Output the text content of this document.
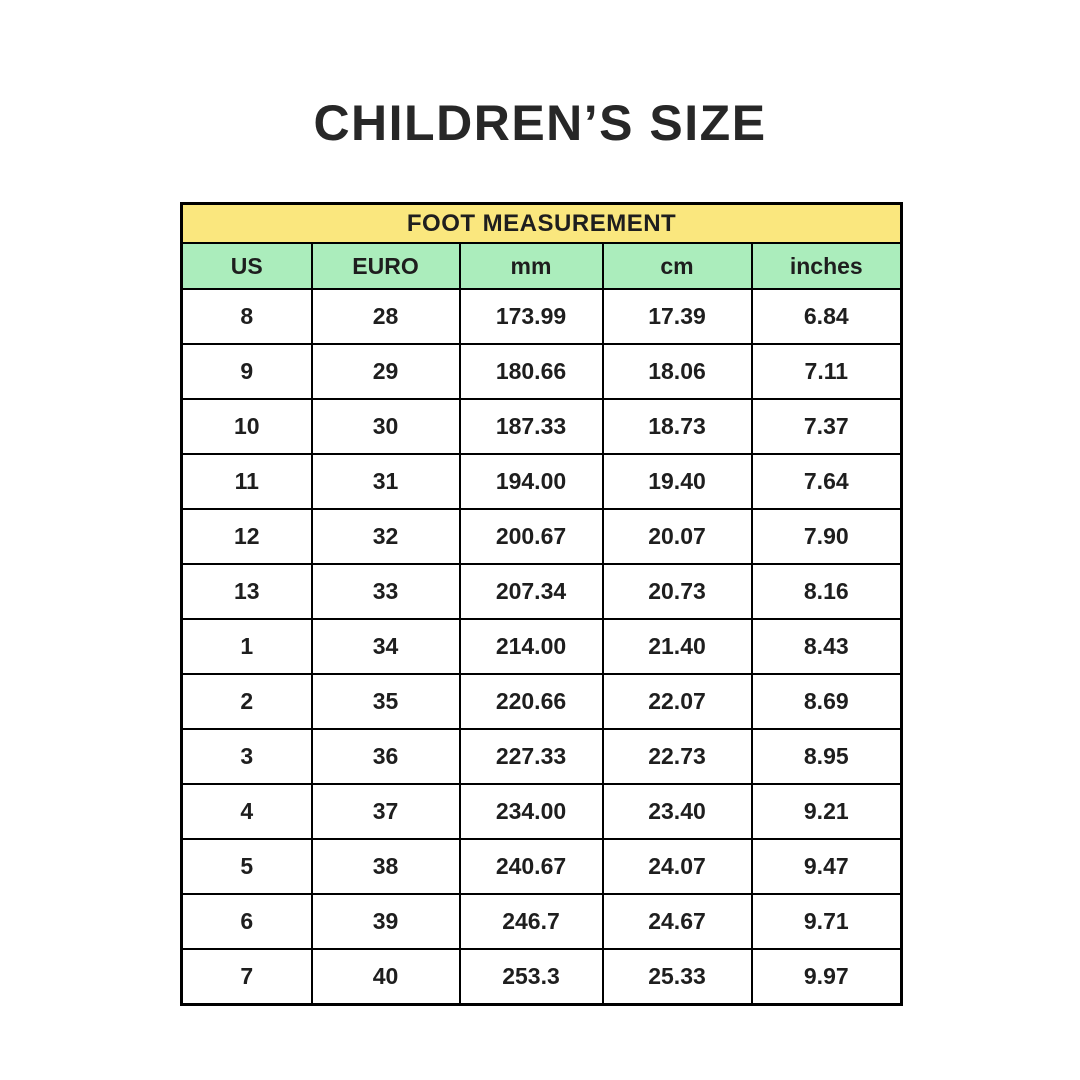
CHILDREN’S SIZE
FOOT MEASUREMENT				
US	EURO	mm	cm	inches
8	28	173.99	17.39	6.84
9	29	180.66	18.06	7.11
10	30	187.33	18.73	7.37
11	31	194.00	19.40	7.64
12	32	200.67	20.07	7.90
13	33	207.34	20.73	8.16
1	34	214.00	21.40	8.43
2	35	220.66	22.07	8.69
3	36	227.33	22.73	8.95
4	37	234.00	23.40	9.21
5	38	240.67	24.07	9.47
6	39	246.7	24.67	9.71
7	40	253.3	25.33	9.97
